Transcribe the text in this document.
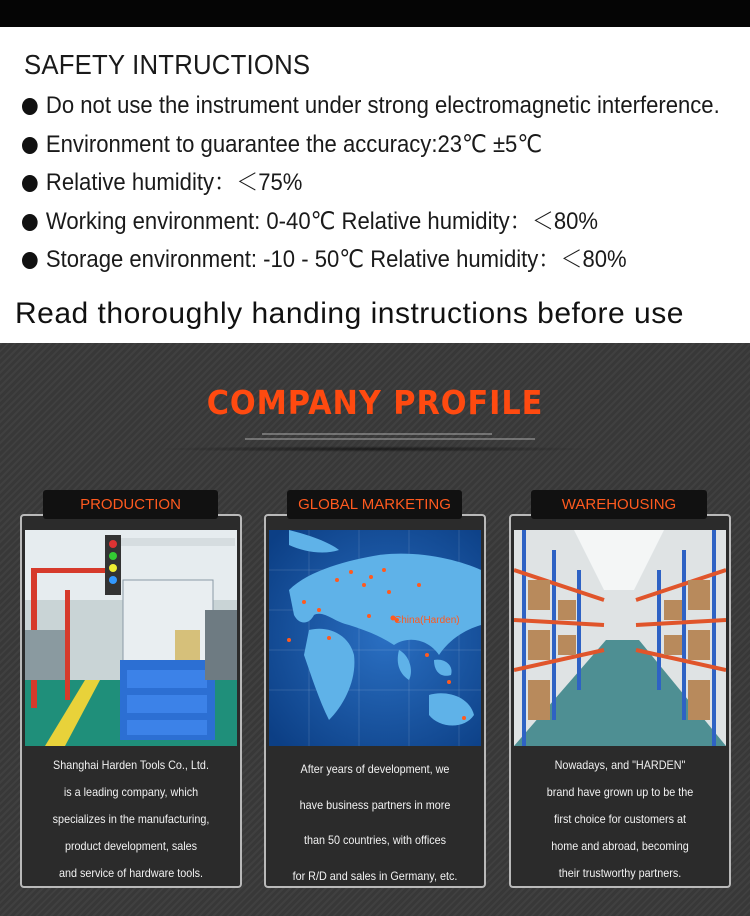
SAFETY INTRUCTIONS
Do not use the instrument under strong electromagnetic interference.
Environment to guarantee the accuracy:23℃ ±5℃
Relative humidity：＜75%
Working environment: 0-40℃ Relative humidity：＜80%
Storage environment: -10 - 50℃ Relative humidity：＜80%
Read thoroughly handing instructions before use
COMPANY PROFILE
Shanghai Harden Tools Co., Ltd.
is a leading company, which
specializes in the manufacturing,
product development, sales
and service of hardware tools.
PRODUCTION
China(Harden)
After years of development, we
have business partners in more
than 50 countries, with offices
for R/D and sales in Germany, etc.
GLOBAL MARKETING
Nowadays, and "HARDEN"
brand have grown up to be the
first choice for customers at
home and abroad, becoming
their trustworthy partners.
WAREHOUSING
